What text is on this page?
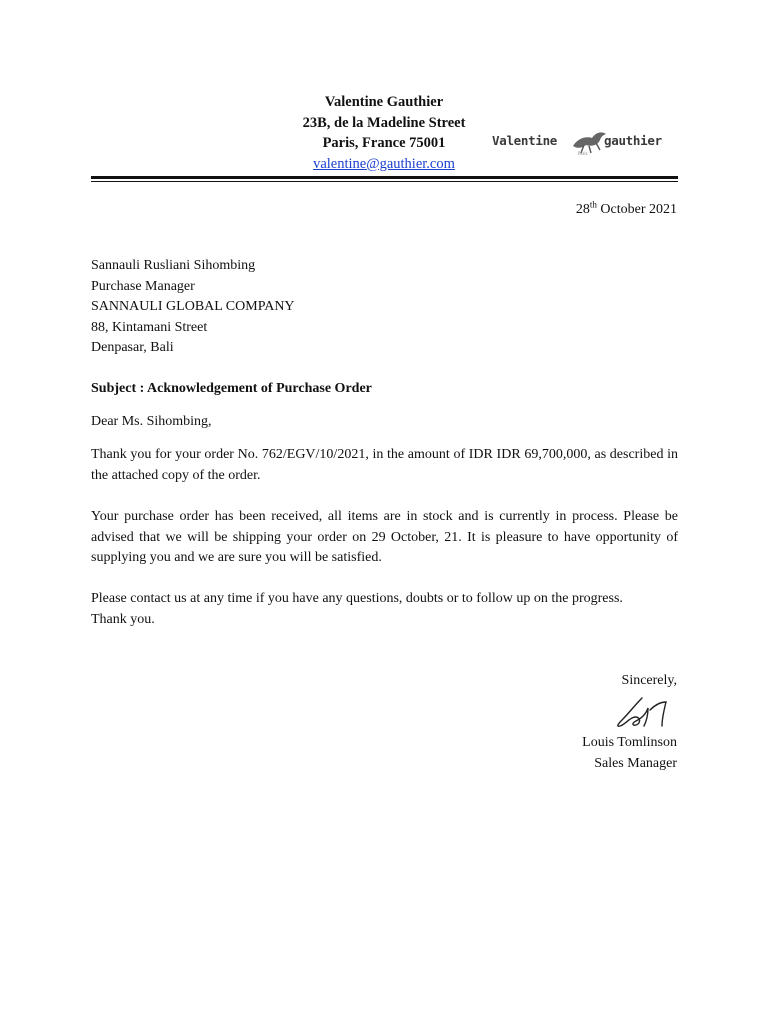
Valentine Gauthier
23B, de la Madeline Street
Paris, France 75001
valentine@gauthier.com
Valentine
Paris
gauthier
28th October 2021
Sannauli Rusliani Sihombing
Purchase Manager
SANNAULI GLOBAL COMPANY
88, Kintamani Street
Denpasar, Bali
Subject : Acknowledgement of Purchase Order
Dear Ms. Sihombing,
Thank you for your order No. 762/EGV/10/2021, in the amount of IDR IDR 69,700,000, as described in the attached copy of the order.
Your purchase order has been received, all items are in stock and is currently in process. Please be advised that we will be shipping your order on 29 October, 21. It is pleasure to have opportunity of supplying you and we are sure you will be satisfied.
Please contact us at any time if you have any questions, doubts or to follow up on the progress.
Thank you.
Sincerely,
Louis Tomlinson
Sales Manager
